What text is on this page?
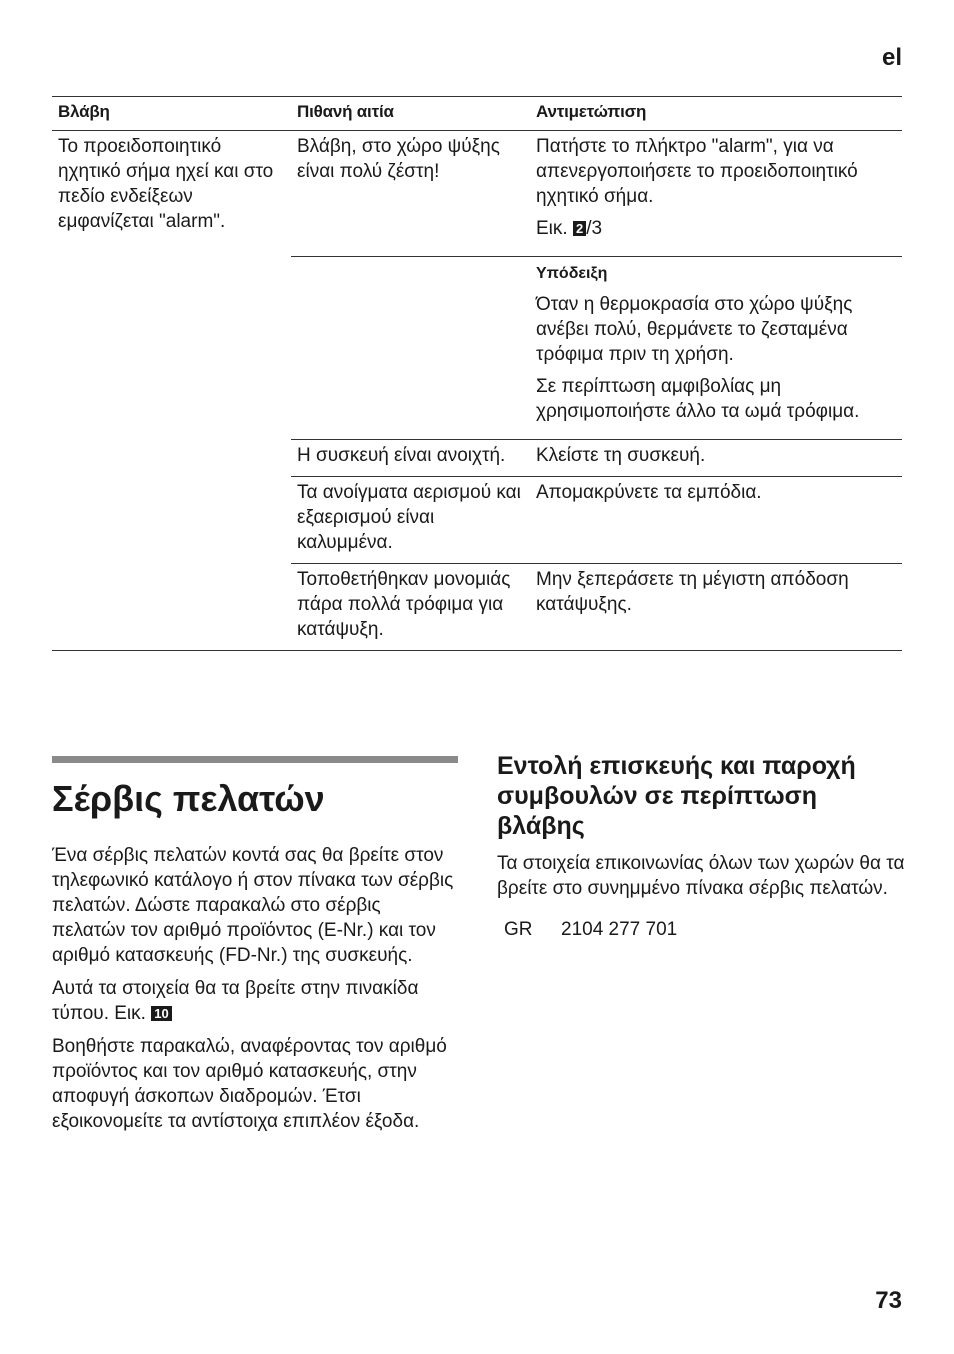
el
Βλάβη	Πιθανή αιτία	Αντιμετώπιση
Το προειδοποιητικό ηχητικό σήμα ηχεί και στο πεδίο ενδείξεων εμφανίζεται "alarm".	Βλάβη, στο χώρο ψύξης είναι πολύ ζέστη!	Πατήστε το πλήκτρο "alarm", για να απενεργοποιήσετε το προειδοποιητικό ηχητικό σήμα.

Εικ. 2 /3

		Υπόδειξη

Όταν η θερμοκρασία στο χώρο ψύξης ανέβει πολύ, θερμάνετε το ζεσταμένα τρόφιμα πριν τη χρήση.

Σε περίπτωση αμφιβολίας μη χρησιμοποιήστε άλλο τα ωμά τρόφιμα.

	Η συσκευή είναι ανοιχτή.	Κλείστε τη συσκευή.
	Τα ανοίγματα αερισμού και εξαερισμού είναι καλυμμένα.	Απομακρύνετε τα εμπόδια.
	Τοποθετήθηκαν μονομιάς πάρα πολλά τρόφιμα για κατάψυξη.	Μην ξεπεράσετε τη μέγιστη απόδοση κατάψυξης.

Σέρβις πελατών

Ένα σέρβις πελατών κοντά σας θα βρείτε στον τηλεφωνικό κατάλογο ή στον πίνακα των σέρβις πελατών. Δώστε παρακαλώ στο σέρβις πελατών τον αριθμό προϊόντος (E-Nr.) και τον αριθμό κατασκευής (FD-Nr.) της συσκευής.

Αυτά τα στοιχεία θα τα βρείτε στην πινακίδα τύπου. Εικ. 10

Βοηθήστε παρακαλώ, αναφέροντας τον αριθμό προϊόντος και τον αριθμό κατασκευής, στην αποφυγή άσκοπων διαδρομών. Έτσι εξοικονομείτε τα αντίστοιχα επιπλέον έξοδα.

Εντολή επισκευής και παροχή συμβουλών σε περίπτωση βλάβης

Τα στοιχεία επικοινωνίας όλων των χωρών θα τα βρείτε στο συνημμένο πίνακα σέρβις πελατών.

GR 2104 277 701
73
